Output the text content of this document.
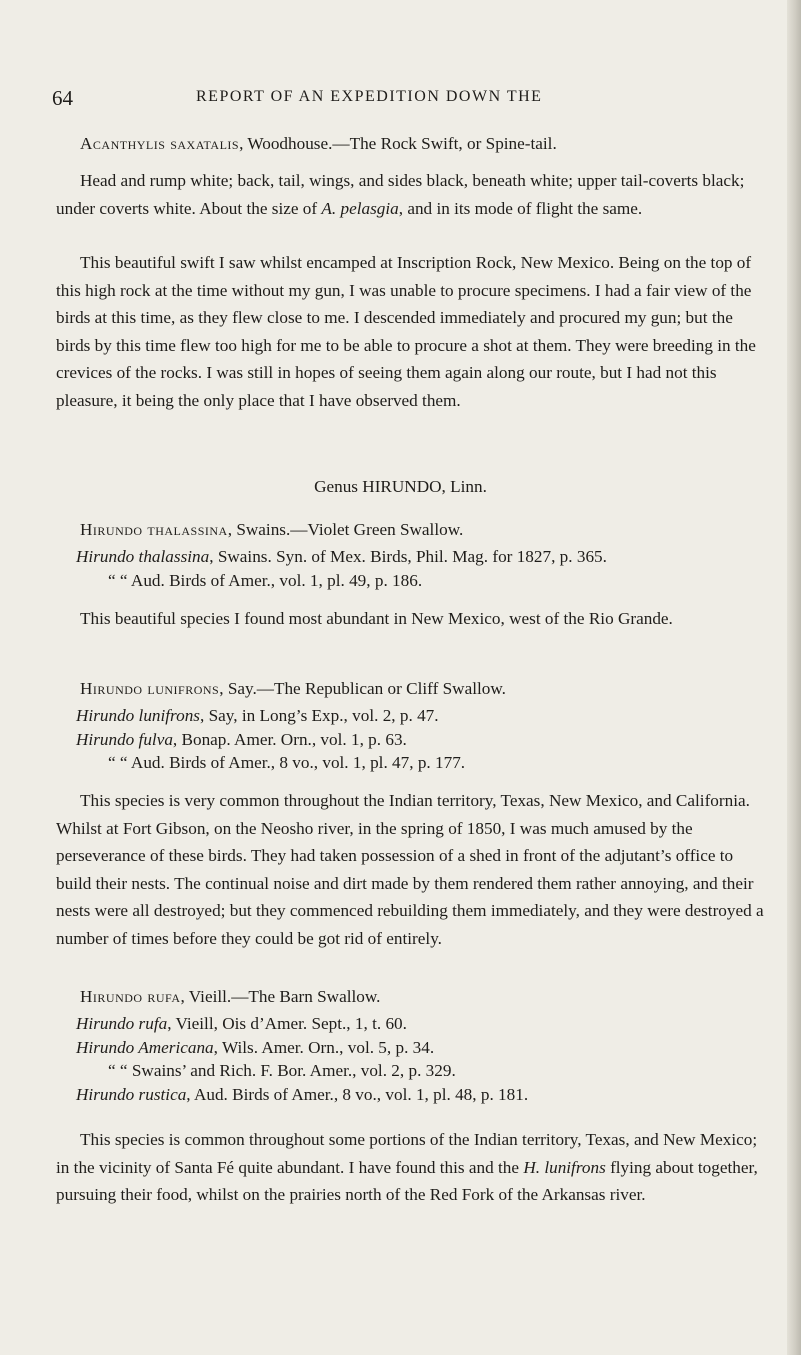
64	REPORT OF AN EXPEDITION DOWN THE

Acanthylis saxatalis, Woodhouse.—The Rock Swift, or Spine-tail.

Head and rump white; back, tail, wings, and sides black, beneath white; upper tail-coverts black; under coverts white. About the size of A. pelasgia, and in its mode of flight the same.

This beautiful swift I saw whilst encamped at Inscription Rock, New Mexico. Being on the top of this high rock at the time without my gun, I was unable to procure specimens. I had a fair view of the birds at this time, as they flew close to me. I descended immediately and procured my gun; but the birds by this time flew too high for me to be able to procure a shot at them. They were breeding in the crevices of the rocks. I was still in hopes of seeing them again along our route, but I had not this pleasure, it being the only place that I have observed them.

Genus HIRUNDO, Linn.

Hirundo thalassina, Swains.—Violet Green Swallow.

Hirundo thalassina, Swains. Syn. of Mex. Birds, Phil. Mag. for 1827, p. 365.
“ “ Aud. Birds of Amer., vol. 1, pl. 49, p. 186.

This beautiful species I found most abundant in New Mexico, west of the Rio Grande.

Hirundo lunifrons, Say.—The Republican or Cliff Swallow.

Hirundo lunifrons, Say, in Long’s Exp., vol. 2, p. 47.
Hirundo fulva, Bonap. Amer. Orn., vol. 1, p. 63.
“ “ Aud. Birds of Amer., 8 vo., vol. 1, pl. 47, p. 177.

This species is very common throughout the Indian territory, Texas, New Mexico, and California. Whilst at Fort Gibson, on the Neosho river, in the spring of 1850, I was much amused by the perseverance of these birds. They had taken possession of a shed in front of the adjutant’s office to build their nests. The continual noise and dirt made by them rendered them rather annoying, and their nests were all destroyed; but they commenced rebuilding them immediately, and they were destroyed a number of times before they could be got rid of entirely.

Hirundo rufa, Vieill.—The Barn Swallow.

Hirundo rufa, Vieill, Ois d’Amer. Sept., 1, t. 60.
Hirundo Americana, Wils. Amer. Orn., vol. 5, p. 34.
“ “ Swains’ and Rich. F. Bor. Amer., vol. 2, p. 329.
Hirundo rustica, Aud. Birds of Amer., 8 vo., vol. 1, pl. 48, p. 181.

This species is common throughout some portions of the Indian territory, Texas, and New Mexico; in the vicinity of Santa Fé quite abundant. I have found this and the H. lunifrons flying about together, pursuing their food, whilst on the prairies north of the Red Fork of the Arkansas river.
